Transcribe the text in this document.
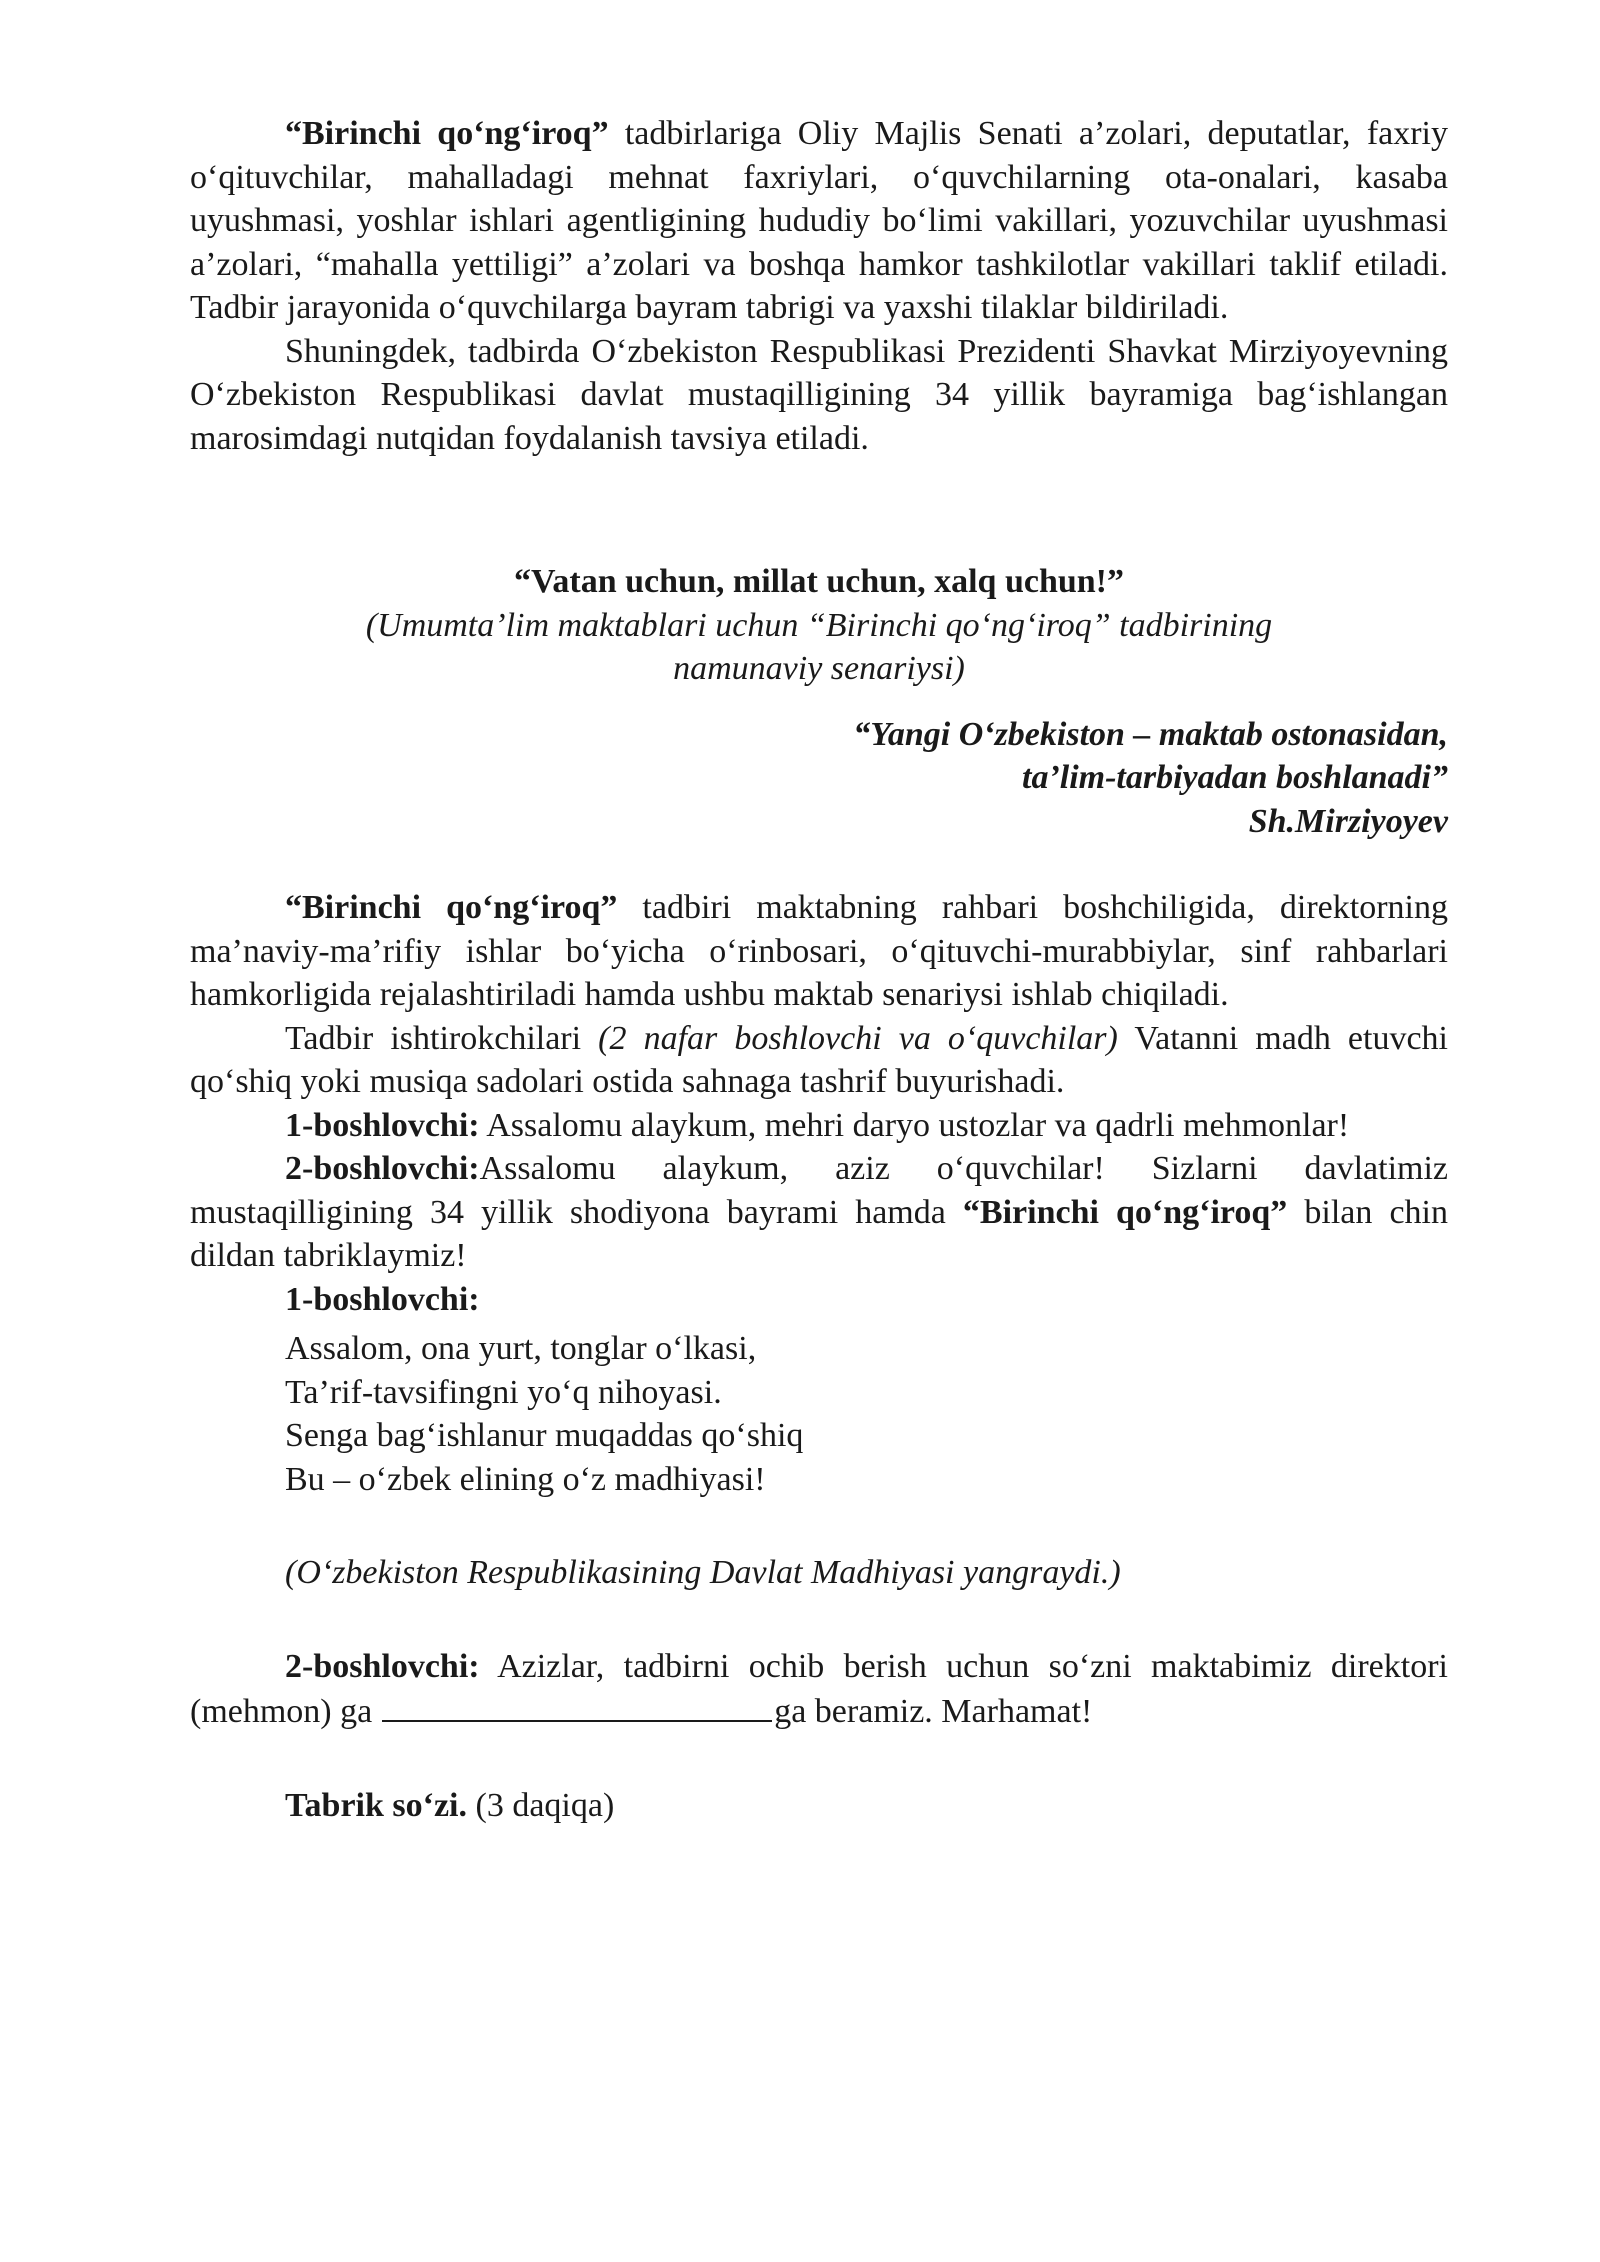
“Birinchi qo‘ng‘iroq” tadbirlariga Oliy Majlis Senati a’zolari, deputatlar, faxriy o‘qituvchilar, mahalladagi mehnat faxriylari, o‘quvchilarning ota-onalari, kasaba uyushmasi, yoshlar ishlari agentligining hududiy bo‘limi vakillari, yozuvchilar uyushmasi a’zolari, “mahalla yettiligi” a’zolari va boshqa hamkor tashkilotlar vakillari taklif etiladi. Tadbir jarayonida o‘quvchilarga bayram tabrigi va yaxshi tilaklar bildiriladi.

Shuningdek, tadbirda O‘zbekiston Respublikasi Prezidenti Shavkat Mirziyoyevning O‘zbekiston Respublikasi davlat mustaqilligining 34 yillik bayramiga bag‘ishlangan marosimdagi nutqidan foydalanish tavsiya etiladi.

“Vatan uchun, millat uchun, xalq uchun!”

(Umumta’lim maktablari uchun “Birinchi qo‘ng‘iroq” tadbirining

namunaviy senariysi)

“Yangi O‘zbekiston – maktab ostonasidan,

ta’lim-tarbiyadan boshlanadi”

Sh.Mirziyoyev

“Birinchi qo‘ng‘iroq” tadbiri maktabning rahbari boshchiligida, direktorning ma’naviy-ma’rifiy ishlar bo‘yicha o‘rinbosari, o‘qituvchi-murabbiylar, sinf rahbarlari hamkorligida rejalashtiriladi hamda ushbu maktab senariysi ishlab chiqiladi.

Tadbir ishtirokchilari (2 nafar boshlovchi va o‘quvchilar) Vatanni madh etuvchi qo‘shiq yoki musiqa sadolari ostida sahnaga tashrif buyurishadi.

1-boshlovchi: Assalomu alaykum, mehri daryo ustozlar va qadrli mehmonlar!

2-boshlovchi:Assalomu alaykum, aziz o‘quvchilar! Sizlarni davlatimiz mustaqilligining 34 yillik shodiyona bayrami hamda “Birinchi qo‘ng‘iroq” bilan chin dildan tabriklaymiz!

1-boshlovchi:

Assalom, ona yurt, tonglar o‘lkasi,

Ta’rif-tavsifingni yo‘q nihoyasi.

Senga bag‘ishlanur muqaddas qo‘shiq

Bu – o‘zbek elining o‘z madhiyasi!

(O‘zbekiston Respublikasining Davlat Madhiyasi yangraydi.)

2-boshlovchi: Azizlar, tadbirni ochib berish uchun so‘zni maktabimiz direktori (mehmon) ga	ga beramiz. Marhamat!

Tabrik so‘zi. (3 daqiqa)
